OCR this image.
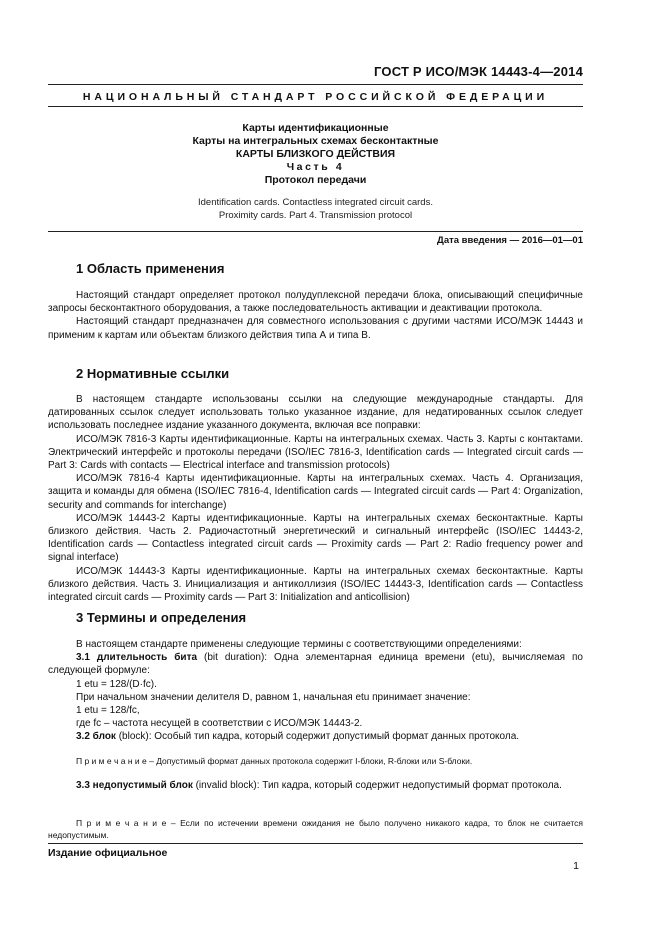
ГОСТ Р ИСО/МЭК 14443-4—2014
НАЦИОНАЛЬНЫЙ СТАНДАРТ РОССИЙСКОЙ ФЕДЕРАЦИИ
Карты идентификационные
Карты на интегральных схемах бесконтактные
КАРТЫ БЛИЗКОГО ДЕЙСТВИЯ
Часть 4
Протокол передачи
Identification cards. Contactless integrated circuit cards.
Proximity cards. Part 4. Transmission protocol
Дата введения — 2016—01—01
1 Область применения

Настоящий стандарт определяет протокол полудуплексной передачи блока, описывающий специфичные запросы бесконтактного оборудования, а также последовательность активации и деактивации протокола.

Настоящий стандарт предназначен для совместного использования с другими частями ИСО/МЭК 14443 и применим к картам или объектам близкого действия типа А и типа В.

2 Нормативные ссылки

В настоящем стандарте использованы ссылки на следующие международные стандарты. Для датированных ссылок следует использовать только указанное издание, для недатированных ссылок следует использовать последнее издание указанного документа, включая все поправки:

ИСО/МЭК 7816-3 Карты идентификационные. Карты на интегральных схемах. Часть 3. Карты с контактами. Электрический интерфейс и протоколы передачи (ISO/IEC 7816-3, Identification cards — Integrated circuit cards — Part 3: Cards with contacts — Electrical interface and transmission protocols)

ИСО/МЭК 7816-4 Карты идентификационные. Карты на интегральных схемах. Часть 4. Организация, защита и команды для обмена (ISO/IEC 7816-4, Identification cards — Integrated circuit cards — Part 4: Organization, security and commands for interchange)

ИСО/МЭК 14443-2 Карты идентификационные. Карты на интегральных схемах бесконтактные. Карты близкого действия. Часть 2. Радиочастотный энергетический и сигнальный интерфейс (ISO/IEC 14443-2, Identification cards — Contactless integrated circuit cards — Proximity cards — Part 2: Radio frequency power and signal interface)

ИСО/МЭК 14443-3 Карты идентификационные. Карты на интегральных схемах бесконтактные. Карты близкого действия. Часть 3. Инициализация и антиколлизия (ISO/IEC 14443-3, Identification cards — Contactless integrated circuit cards — Proximity cards — Part 3: Initialization and anticollision)

3 Термины и определения

В настоящем стандарте применены следующие термины с соответствующими определениями:

3.1 длительность бита (bit duration): Одна элементарная единица времени (etu), вычисляемая по следующей формуле:

1 etu = 128/(D·fc).

При начальном значении делителя D, равном 1, начальная etu принимает значение:

1 etu = 128/fc,

где fc – частота несущей в соответствии с ИСО/МЭК 14443-2.

3.2 блок (block): Особый тип кадра, который содержит допустимый формат данных протокола.

П р и м е ч а н и е – Допустимый формат данных протокола содержит I-блоки, R-блоки или S-блоки.

3.3 недопустимый блок (invalid block): Тип кадра, который содержит недопустимый формат протокола.

П р и м е ч а н и е – Если по истечении времени ожидания не было получено никакого кадра, то блок не считается недопустимым.
Издание официальное
1
